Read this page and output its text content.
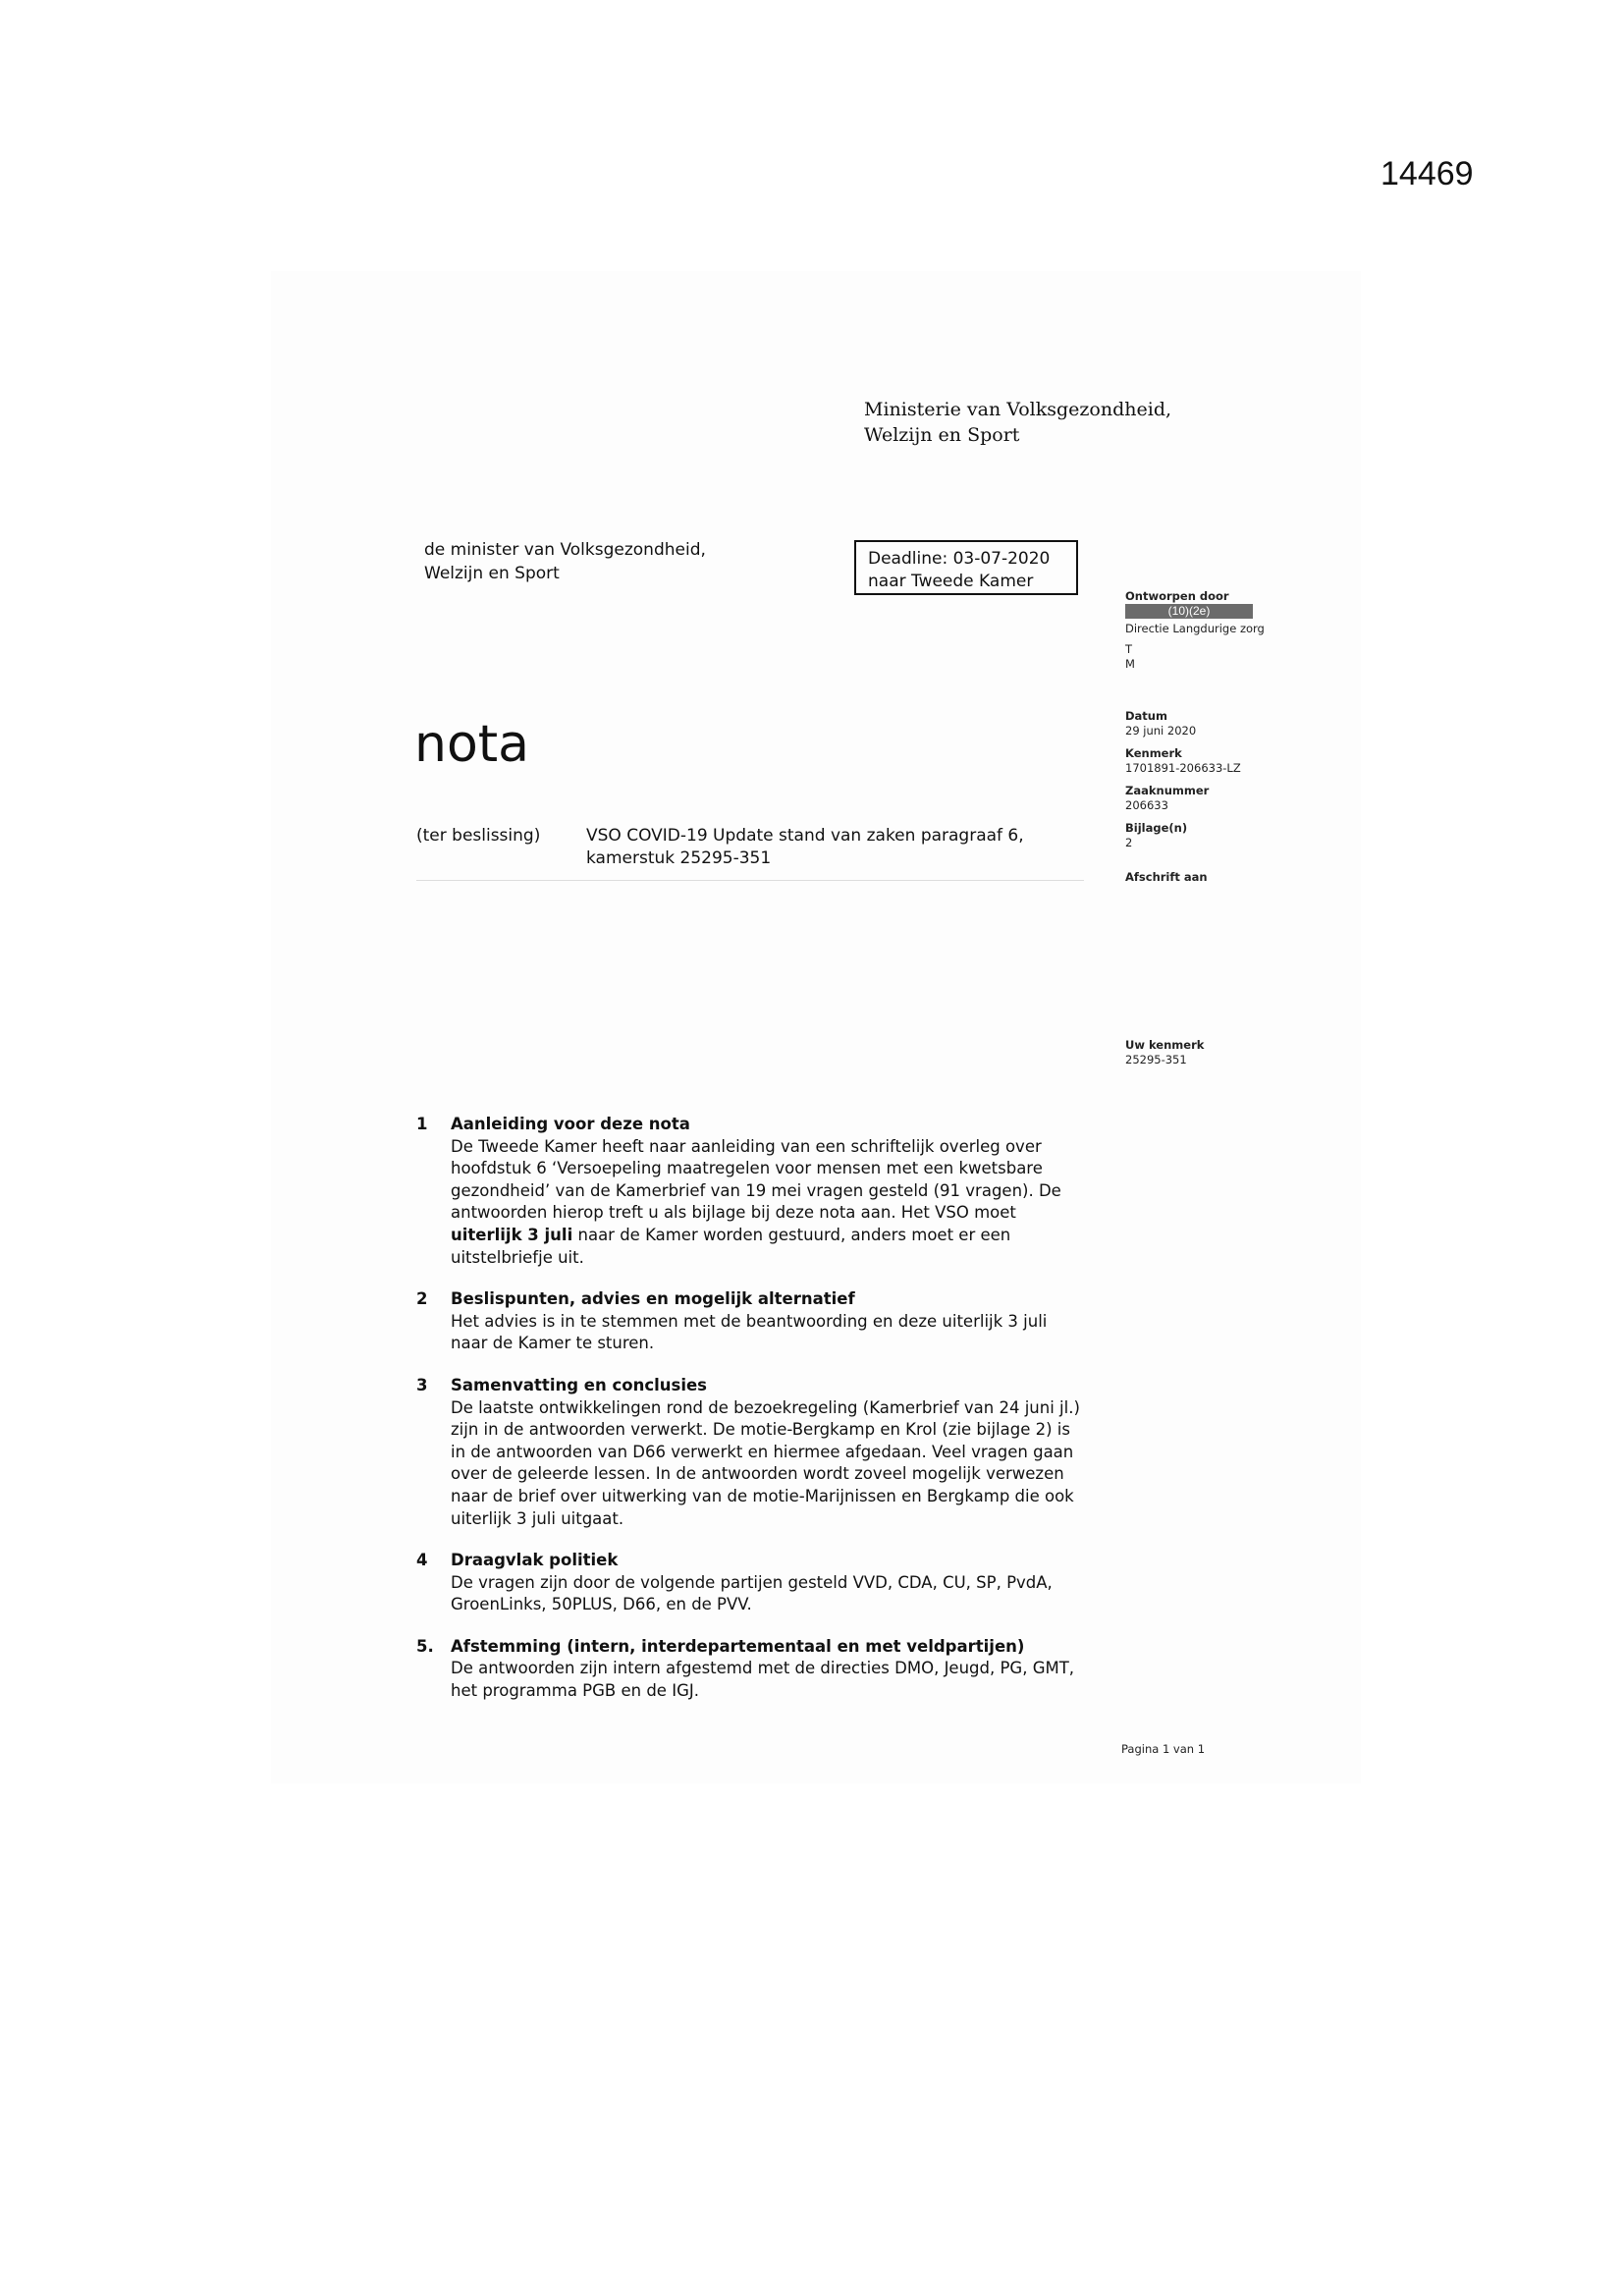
14469
Ministerie van Volksgezondheid,
Welzijn en Sport
de minister van Volksgezondheid,
Welzijn en Sport
Deadline: 03-07-2020
naar Tweede Kamer
Ontworpen door
(10)(2e)
Directie Langdurige zorg
T
M
Datum
29 juni 2020
Kenmerk
1701891-206633-LZ
Zaaknummer
206633
Bijlage(n)
2
Afschrift aan
Uw kenmerk
25295-351
nota
(ter beslissing)	VSO COVID-19 Update stand van zaken paragraaf 6,
kamerstuk 25295-351
1 Aanleiding voor deze nota
De Tweede Kamer heeft naar aanleiding van een schriftelijk overleg over
hoofdstuk 6 ‘Versoepeling maatregelen voor mensen met een kwetsbare
gezondheid’ van de Kamerbrief van 19 mei vragen gesteld (91 vragen). De
antwoorden hierop treft u als bijlage bij deze nota aan. Het VSO moet
uiterlijk 3 juli naar de Kamer worden gestuurd, anders moet er een
uitstelbriefje uit.
2 Beslispunten, advies en mogelijk alternatief
Het advies is in te stemmen met de beantwoording en deze uiterlijk 3 juli
naar de Kamer te sturen.
3 Samenvatting en conclusies
De laatste ontwikkelingen rond de bezoekregeling (Kamerbrief van 24 juni jl.)
zijn in de antwoorden verwerkt. De motie-Bergkamp en Krol (zie bijlage 2) is
in de antwoorden van D66 verwerkt en hiermee afgedaan. Veel vragen gaan
over de geleerde lessen. In de antwoorden wordt zoveel mogelijk verwezen
naar de brief over uitwerking van de motie-Marijnissen en Bergkamp die ook
uiterlijk 3 juli uitgaat.
4 Draagvlak politiek
De vragen zijn door de volgende partijen gesteld VVD, CDA, CU, SP, PvdA,
GroenLinks, 50PLUS, D66, en de PVV.
5. Afstemming (intern, interdepartementaal en met veldpartijen)
De antwoorden zijn intern afgestemd met de directies DMO, Jeugd, PG, GMT,
het programma PGB en de IGJ.
Pagina 1 van 1
